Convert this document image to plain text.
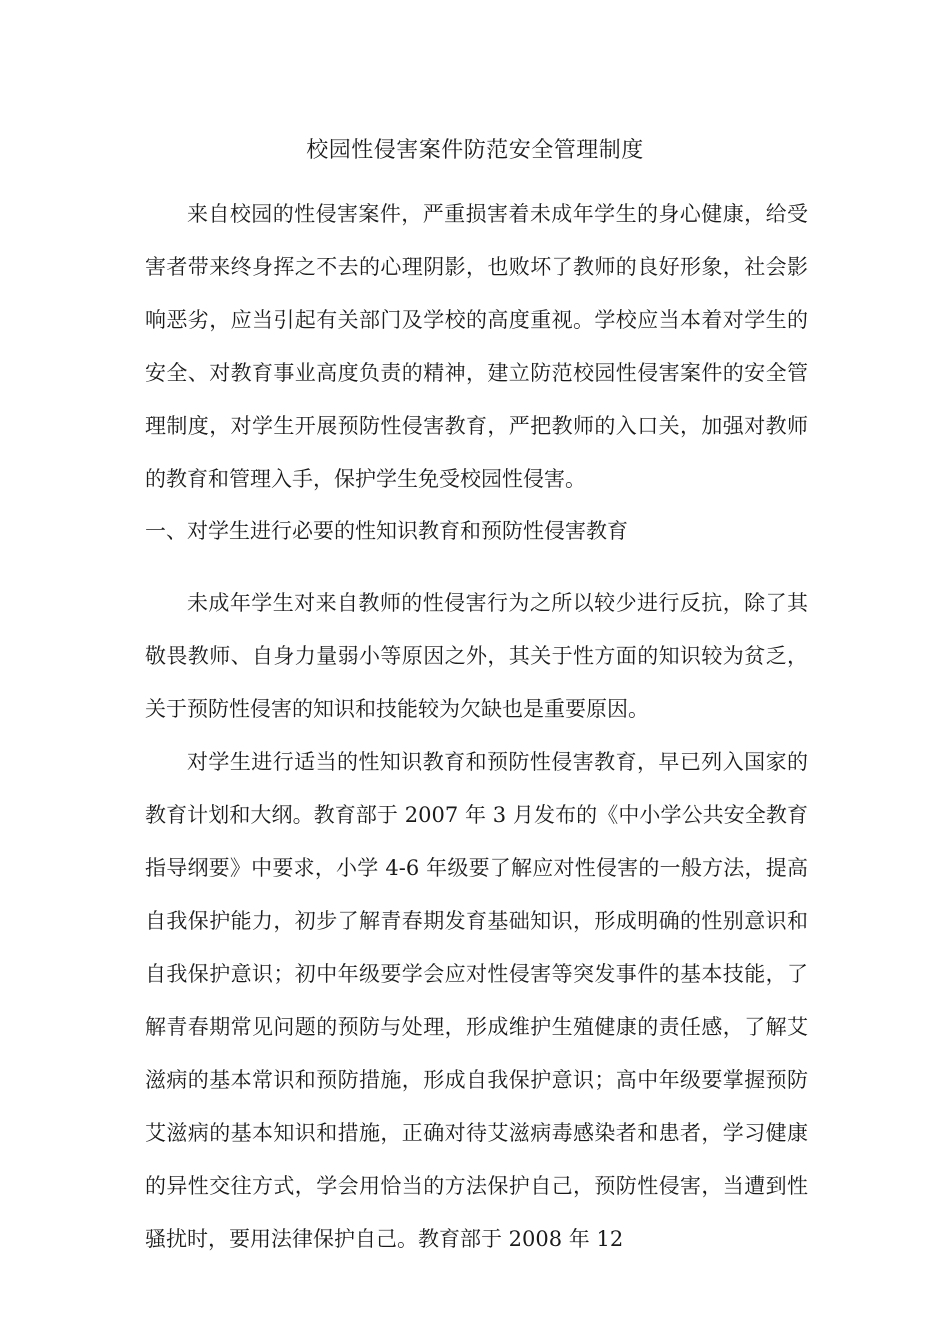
校园性侵害案件防范安全管理制度

来自校园的性侵害案件，严重损害着未成年学生的身心健康，给受害者带来终身挥之不去的心理阴影，也败坏了教师的良好形象，社会影响恶劣，应当引起有关部门及学校的高度重视。学校应当本着对学生的安全、对教育事业高度负责的精神，建立防范校园性侵害案件的安全管理制度，对学生开展预防性侵害教育，严把教师的入口关，加强对教师的教育和管理入手，保护学生免受校园性侵害。

一、对学生进行必要的性知识教育和预防性侵害教育

未成年学生对来自教师的性侵害行为之所以较少进行反抗，除了其敬畏教师、自身力量弱小等原因之外，其关于性方面的知识较为贫乏，关于预防性侵害的知识和技能较为欠缺也是重要原因。

对学生进行适当的性知识教育和预防性侵害教育，早已列入国家的教育计划和大纲。教育部于 2007 年 3 月发布的《中小学公共安全教育指导纲要》中要求，小学 4-6 年级要了解应对性侵害的一般方法，提高自我保护能力，初步了解青春期发育基础知识，形成明确的性别意识和自我保护意识；初中年级要学会应对性侵害等突发事件的基本技能，了解青春期常见问题的预防与处理，形成维护生殖健康的责任感，了解艾滋病的基本常识和预防措施，形成自我保护意识；高中年级要掌握预防艾滋病的基本知识和措施，正确对待艾滋病毒感染者和患者，学习健康的异性交往方式，学会用恰当的方法保护自己，预防性侵害，当遭到性骚扰时，要用法律保护自己。教育部于 2008 年 12
